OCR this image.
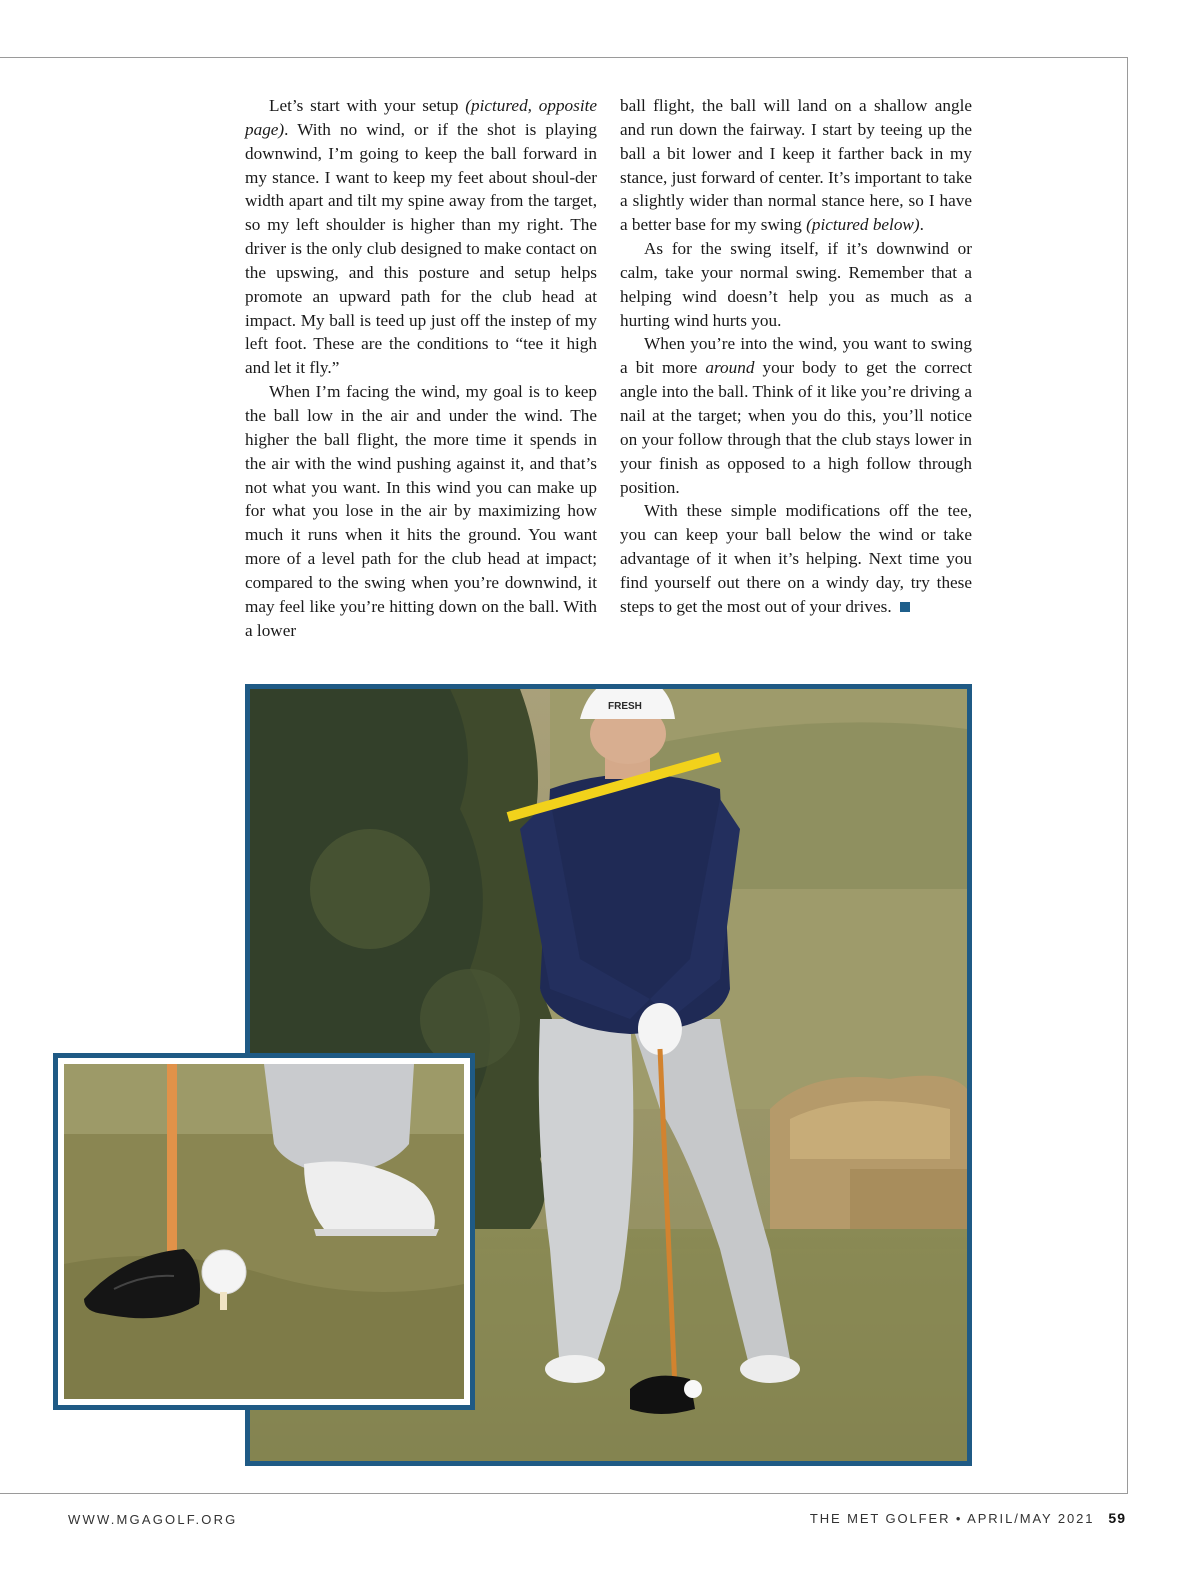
Let’s start with your setup (pictured, opposite page). With no wind, or if the shot is playing downwind, I’m going to keep the ball forward in my stance. I want to keep my feet about shoul-der width apart and tilt my spine away from the target, so my left shoulder is higher than my right. The driver is the only club designed to make contact on the upswing, and this posture and setup helps promote an upward path for the club head at impact. My ball is teed up just off the instep of my left foot. These are the conditions to “tee it high and let it fly.”

When I’m facing the wind, my goal is to keep the ball low in the air and under the wind. The higher the ball flight, the more time it spends in the air with the wind pushing against it, and that’s not what you want. In this wind you can make up for what you lose in the air by maximizing how much it runs when it hits the ground. You want more of a level path for the club head at impact; compared to the swing when you’re downwind, it may feel like you’re hitting down on the ball. With a lower

ball flight, the ball will land on a shallow angle and run down the fairway. I start by teeing up the ball a bit lower and I keep it farther back in my stance, just forward of center. It’s important to take a slightly wider than normal stance here, so I have a better base for my swing (pictured below).

As for the swing itself, if it’s downwind or calm, take your normal swing. Remember that a helping wind doesn’t help you as much as a hurting wind hurts you.

When you’re into the wind, you want to swing a bit more around your body to get the correct angle into the ball. Think of it like you’re driving a nail at the target; when you do this, you’ll notice on your follow through that the club stays lower in your finish as opposed to a high follow through position.

With these simple modifications off the tee, you can keep your ball below the wind or take advantage of it when it’s helping. Next time you find yourself out there on a windy day, try these steps to get the most out of your drives.

FRESH
WWW.MGAGOLF.ORG	THE MET GOLFER • APRIL/MAY 2021 59
